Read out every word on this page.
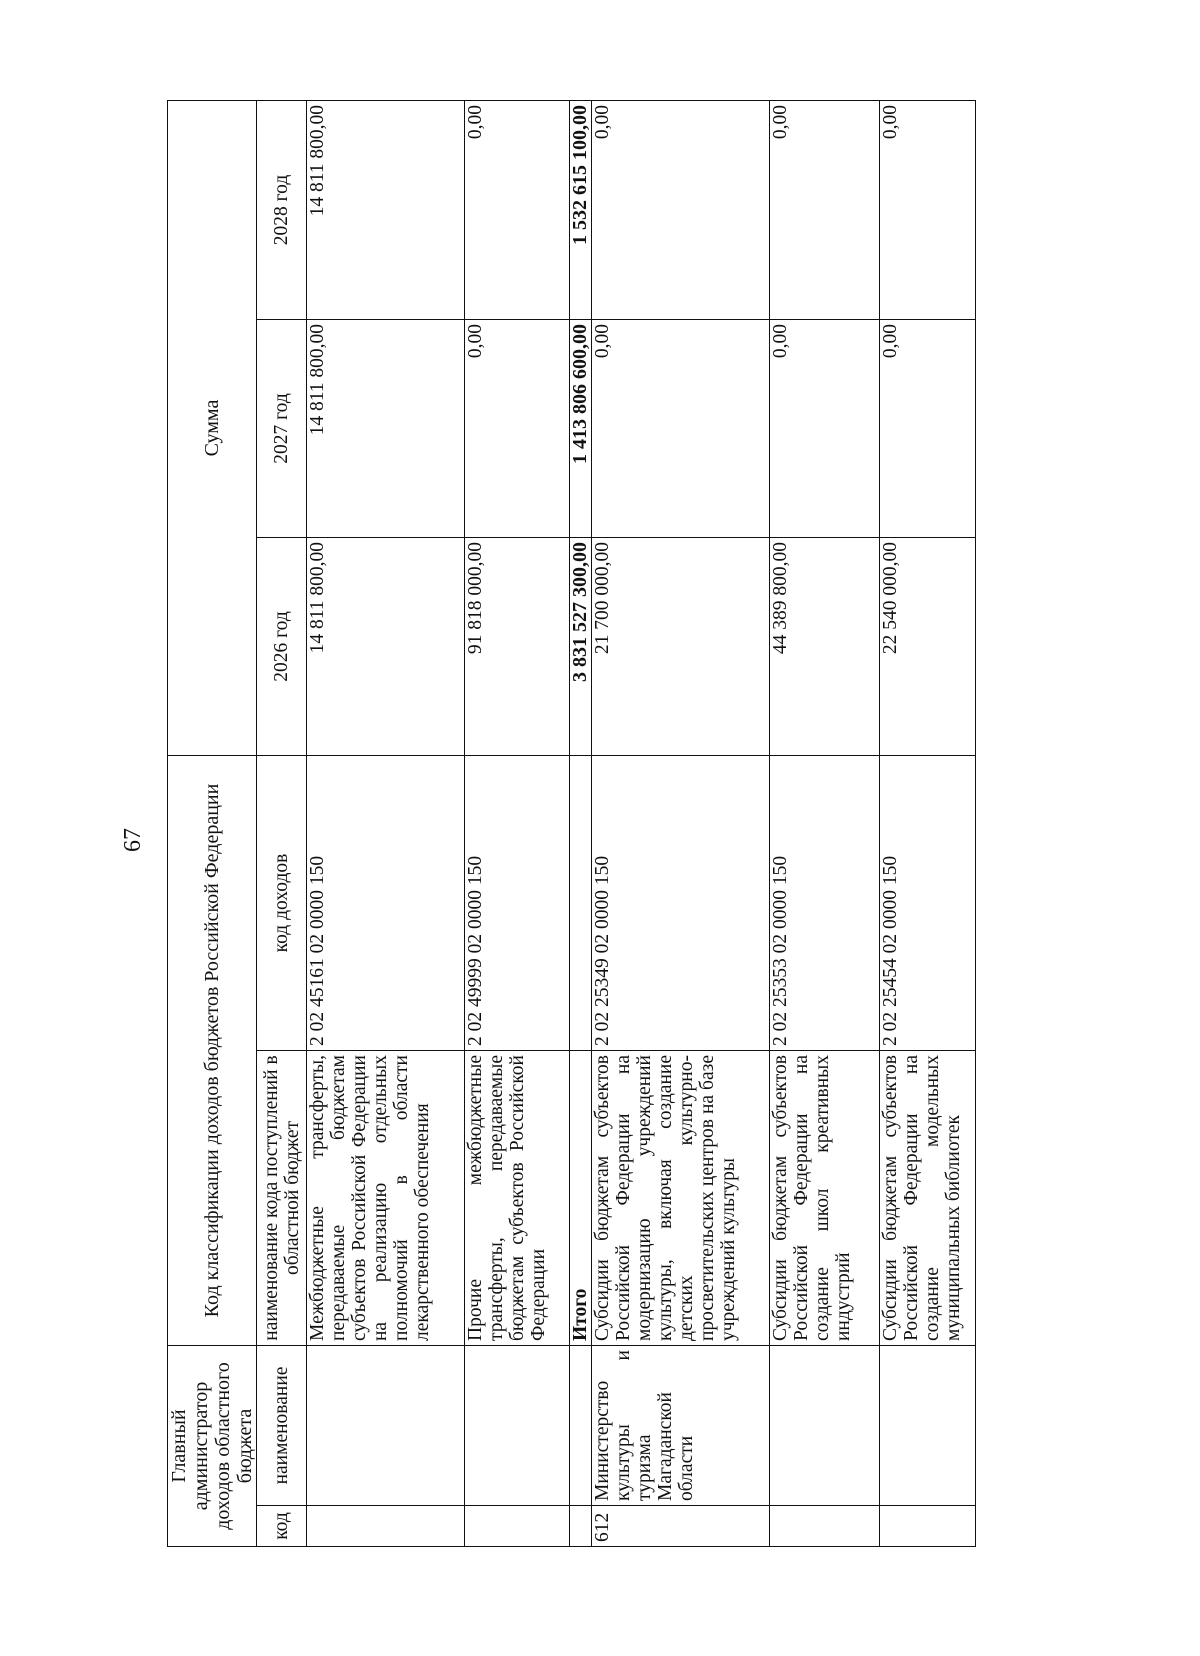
67
Главный администратор доходов областного бюджета		Код классификации доходов бюджетов Российской Федерации		Сумма		
код	наименование	наименование кода поступлений в областной бюджет	код доходов	2026 год	2027 год	2028 год
		Межбюджетные трансферты, передаваемые бюджетам субъектов Российской Федерации на реализацию отдельных полномочий в области лекарственного обеспечения	2 02 45161 02 0000 150	14 811 800,00	14 811 800,00	14 811 800,00
		Прочие межбюджетные трансферты, передаваемые бюджетам субъектов Российской Федерации	2 02 49999 02 0000 150	91 818 000,00	0,00	0,00
		Итого		3 831 527 300,00	1 413 806 600,00	1 532 615 100,00
612	Министерство культуры и туризма Магаданской области	Субсидии бюджетам субъектов Российской Федерации на модернизацию учреждений культуры, включая создание детских культурно-просветительских центров на базе учреждений культуры	2 02 25349 02 0000 150	21 700 000,00	0,00	0,00
		Субсидии бюджетам субъектов Российской Федерации на создание школ креативных индустрий	2 02 25353 02 0000 150	44 389 800,00	0,00	0,00
		Субсидии бюджетам субъектов Российской Федерации на создание модельных муниципальных библиотек	2 02 25454 02 0000 150	22 540 000,00	0,00	0,00
